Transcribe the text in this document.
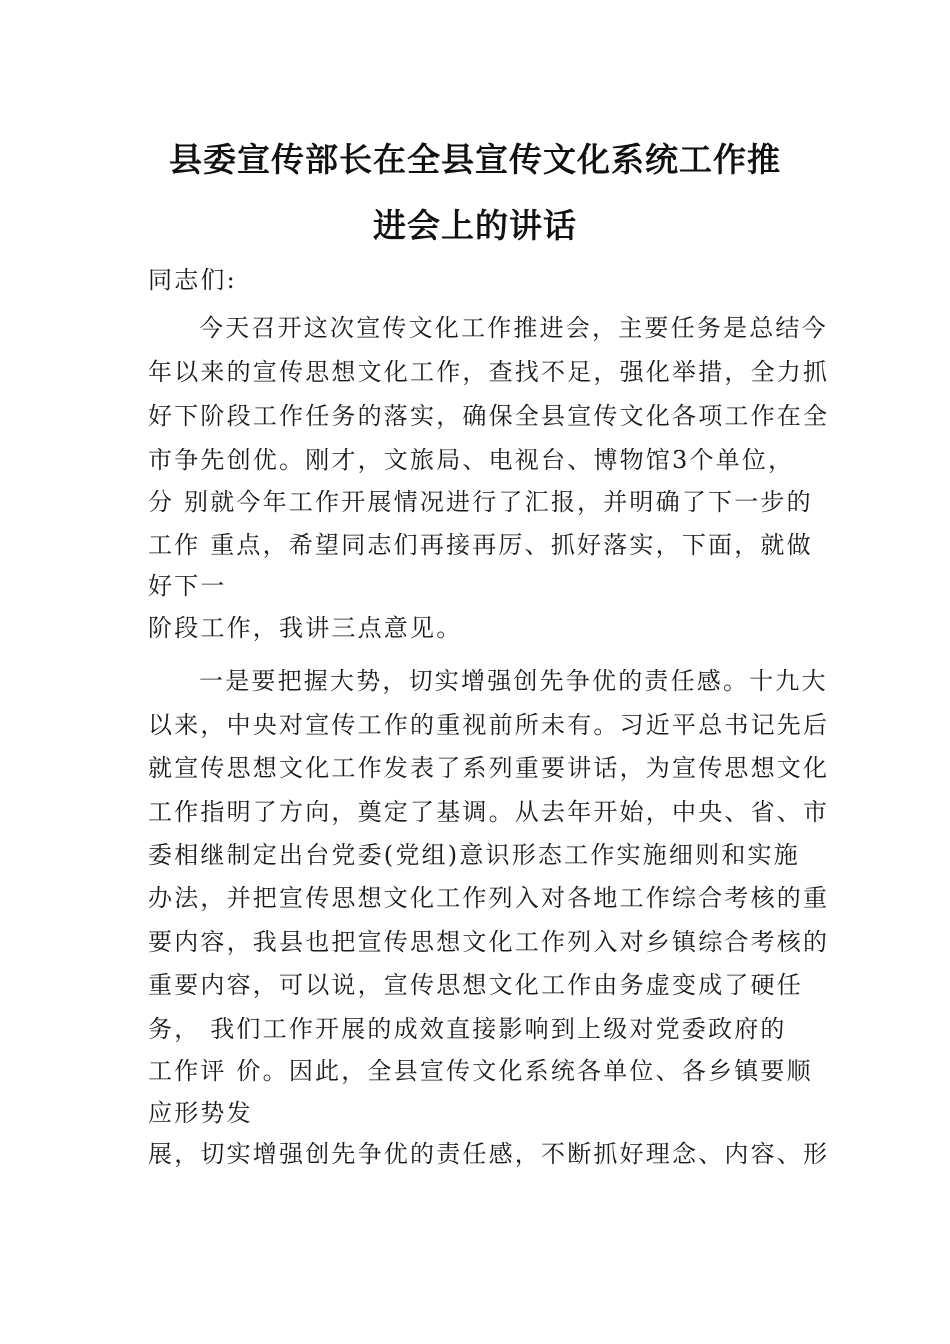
县委宣传部长在全县宣传文化系统工作推
进会上的讲话
同志们:
今天召开这次宣传文化工作推进会，主要任务是总结今
年以来的宣传思想文化工作，查找不足，强化举措，全力抓
好下阶段工作任务的落实，确保全县宣传文化各项工作在全
市争先创优。刚才，文旅局、电视台、博物馆3个单位，
分 别就今年工作开展情况进行了汇报，并明确了下一步的
工作 重点，希望同志们再接再厉、抓好落实，下面，就做
好下一
阶段工作，我讲三点意见。
一是要把握大势，切实增强创先争优的责任感。十九大
以来，中央对宣传工作的重视前所未有。习近平总书记先后
就宣传思想文化工作发表了系列重要讲话，为宣传思想文化
工作指明了方向，奠定了基调。从去年开始，中央、省、市
委相继制定出台党委(党组)意识形态工作实施细则和实施
办法，并把宣传思想文化工作列入对各地工作综合考核的重
要内容，我县也把宣传思想文化工作列入对乡镇综合考核的
重要内容，可以说，宣传思想文化工作由务虚变成了硬任
务， 我们工作开展的成效直接影响到上级对党委政府的
工作评 价。因此，全县宣传文化系统各单位、各乡镇要顺
应形势发
展，切实增强创先争优的责任感，不断抓好理念、内容、形
